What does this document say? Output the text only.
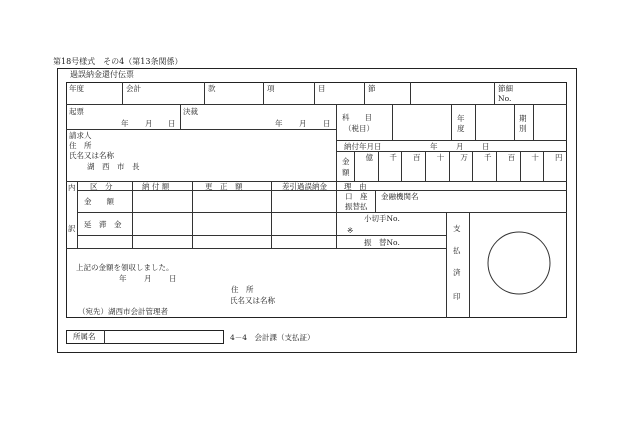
第18号様式　その4（第13条関係）
過誤納金還付伝票
年度	会計	款	項	目	節	節細
No.
起票
年 月 日
決裁
年 月 日
科　　目
（税目）
年
度
期
別
請求人
住　所
氏名又は名称
湖　西　市　長
納付年月日	年 月 日
金
額
億 千 百 十 万 千 百 十 円
内
訳
区　分	納 付 額	更　正　額	差引過誤納金
金　　額
延　滞　金
理　由
口　座
振替払
金融機関名
小切手No.
※
振　替No.
支
払
済
印
上記の金額を領収しました。
年 月 日
住　所
氏名又は名称
（宛先）湖西市会計管理者
所属名	4－4　会計課（支払証）
